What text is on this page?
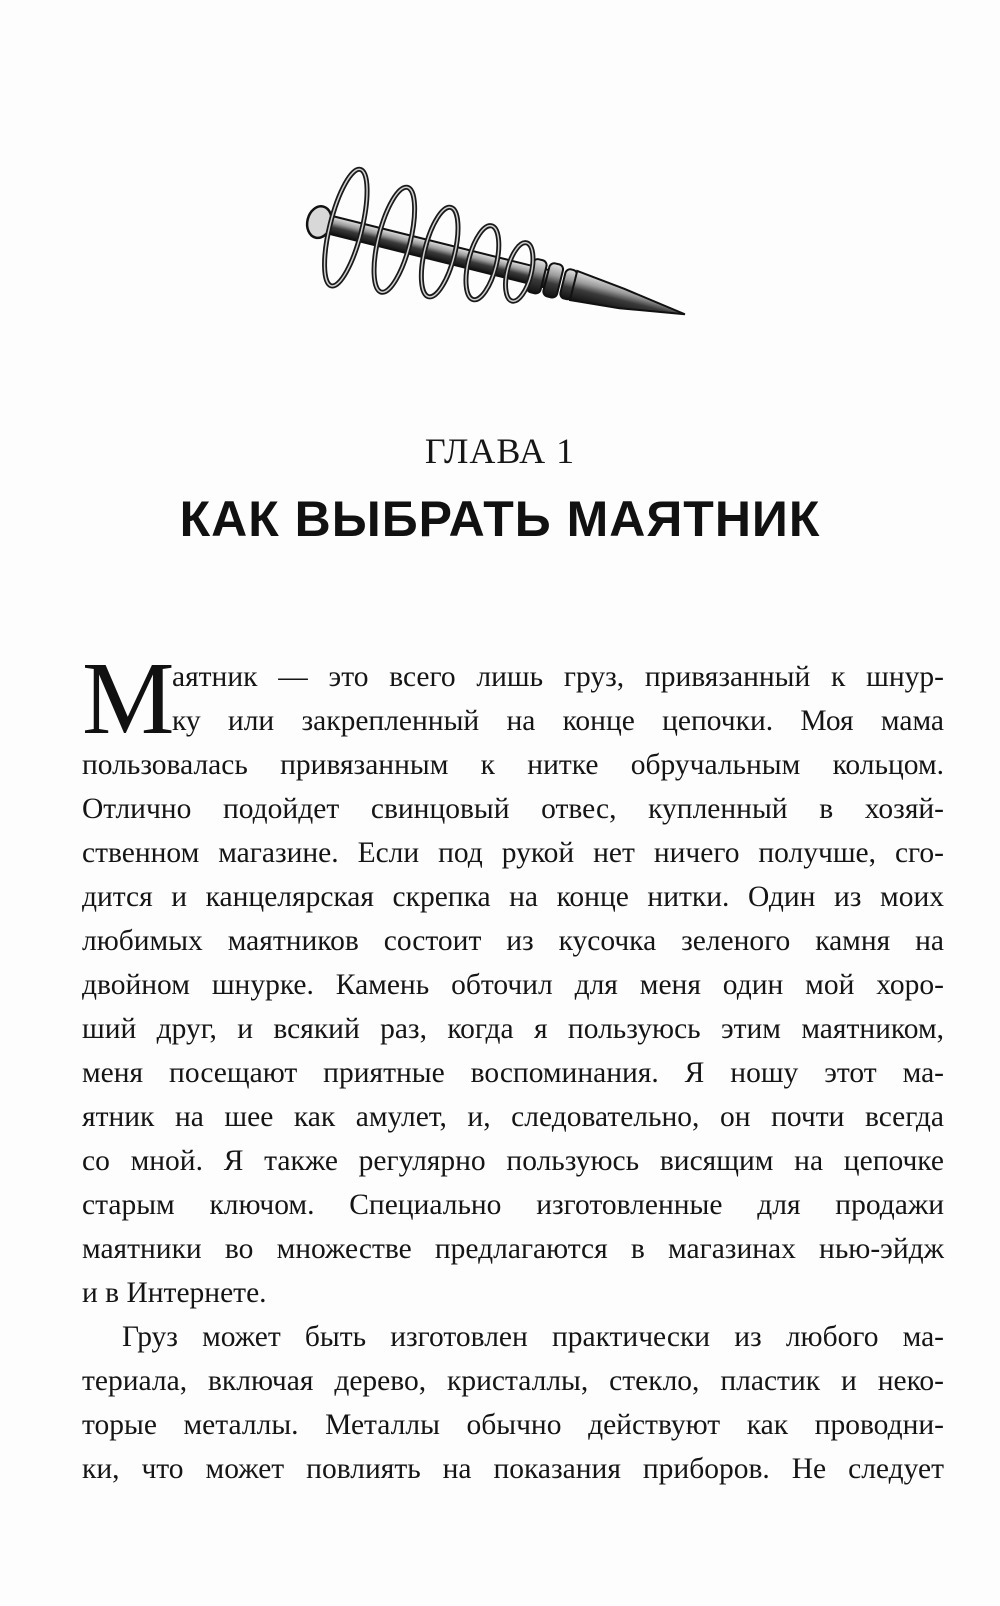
ГЛАВА 1
КАК ВЫБРАТЬ МАЯТНИК
М
аятник — это всего лишь груз, привязанный к шнур-
ку или закрепленный на конце цепочки. Моя мама
пользовалась привязанным к нитке обручальным кольцом.
Отлично подойдет свинцовый отвес, купленный в хозяй-
ственном магазине. Если под рукой нет ничего получше, сго-
дится и канцелярская скрепка на конце нитки. Один из моих
любимых маятников состоит из кусочка зеленого камня на
двойном шнурке. Камень обточил для меня один мой хоро-
ший друг, и всякий раз, когда я пользуюсь этим маятником,
меня посещают приятные воспоминания. Я ношу этот ма-
ятник на шее как амулет, и, следовательно, он почти всегда
со мной. Я также регулярно пользуюсь висящим на цепочке
старым ключом. Специально изготовленные для продажи
маятники во множестве предлагаются в магазинах нью-эйдж
и в Интернете.
Груз может быть изготовлен практически из любого ма-
териала, включая дерево, кристаллы, стекло, пластик и неко-
торые металлы. Металлы обычно действуют как проводни-
ки, что может повлиять на показания приборов. Не следует
